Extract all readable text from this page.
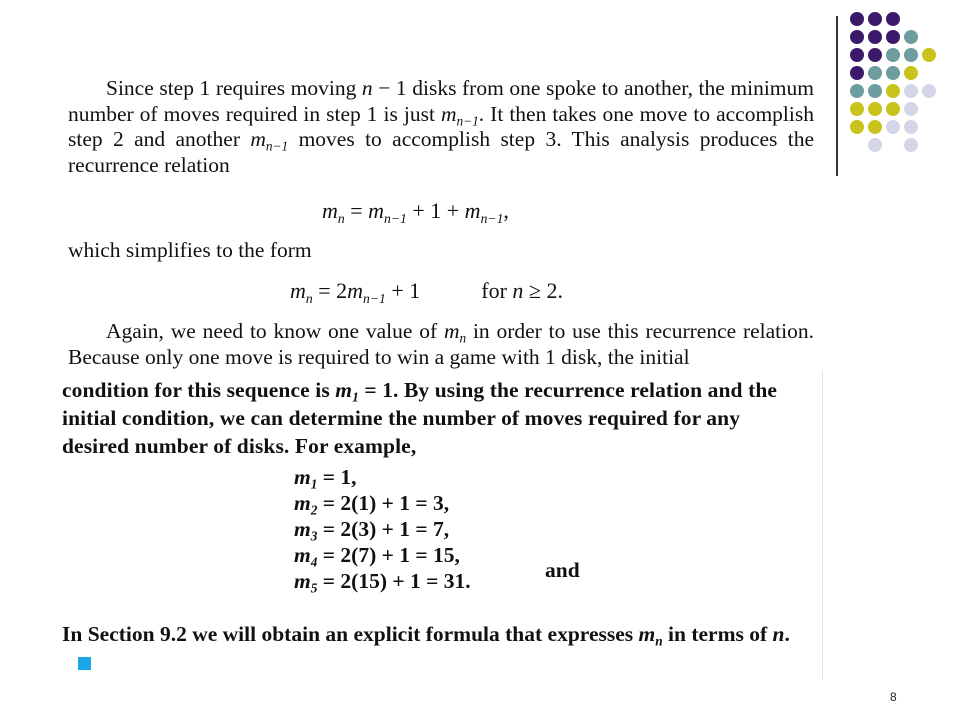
Since step 1 requires moving n − 1 disks from one spoke to another, the minimum number of moves required in step 1 is just $m_{n-1}$. It then takes one move to accomplish step 2 and another $m_{n-1}$ moves to accomplish step 3. This analysis produces the recurrence relation

$m_n = m_{n-1} + 1 + m_{n-1}$,

which simplifies to the form

$m_n = 2m_{n-1} + 1$	for n ≥ 2.

Again, we need to know one value of $m_n$ in order to use this recurrence relation. Because only one move is required to win a game with 1 disk, the initial

condition for this sequence is $m_1 = 1$. By using the recurrence relation and the initial condition, we can determine the number of moves required for any desired number of disks. For example,
$m_1 = 1$,
$m_2 = 2(1) + 1 = 3$,
$m_3 = 2(3) + 1 = 7$,
$m_4 = 2(7) + 1 = 15$,
$m_5 = 2(15) + 1 = 31$.	and
In Section 9.2 we will obtain an explicit formula that expresses $m_n$ in terms of n.
8
